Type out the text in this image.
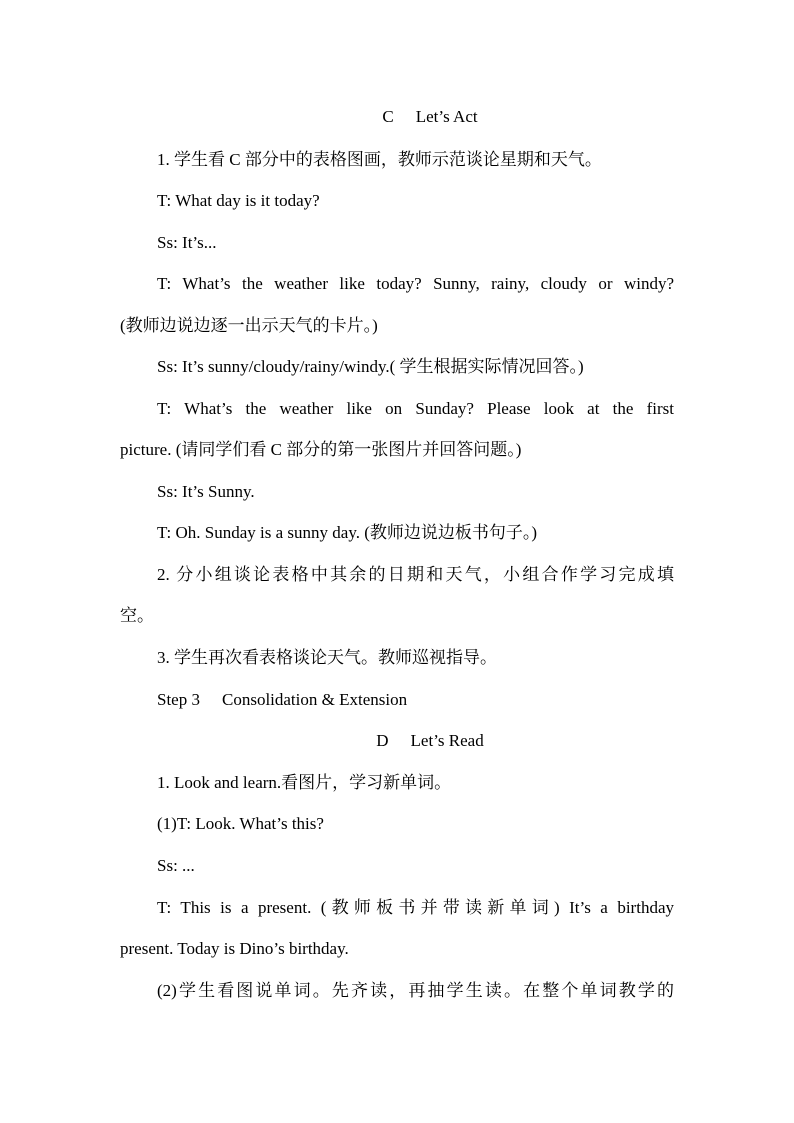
C Let’s Act
1. 学生看 C 部分中的表格图画，教师示范谈论星期和天气。
T: What day is it today?
Ss: It’s...
T: What’s the weather like today? Sunny, rainy, cloudy or windy?
(教师边说边逐一出示天气的卡片。)
Ss: It’s sunny/cloudy/rainy/windy.( 学生根据实际情况回答。)
T: What’s the weather like on Sunday? Please look at the first
picture. (请同学们看 C 部分的第一张图片并回答问题。)
Ss: It’s Sunny.
T: Oh. Sunday is a sunny day. (教师边说边板书句子。)
2. 分小组谈论表格中其余的日期和天气，小组合作学习完成填
空。
3. 学生再次看表格谈论天气。教师巡视指导。
Step 3 Consolidation & Extension
D Let’s Read
1. Look and learn.看图片，学习新单词。
(1)T: Look. What’s this?
Ss: ...
T: This is a present. (教师板书并带读新单词) It’s a birthday
present. Today is Dino’s birthday.
(2)学生看图说单词。先齐读，再抽学生读。在整个单词教学的
